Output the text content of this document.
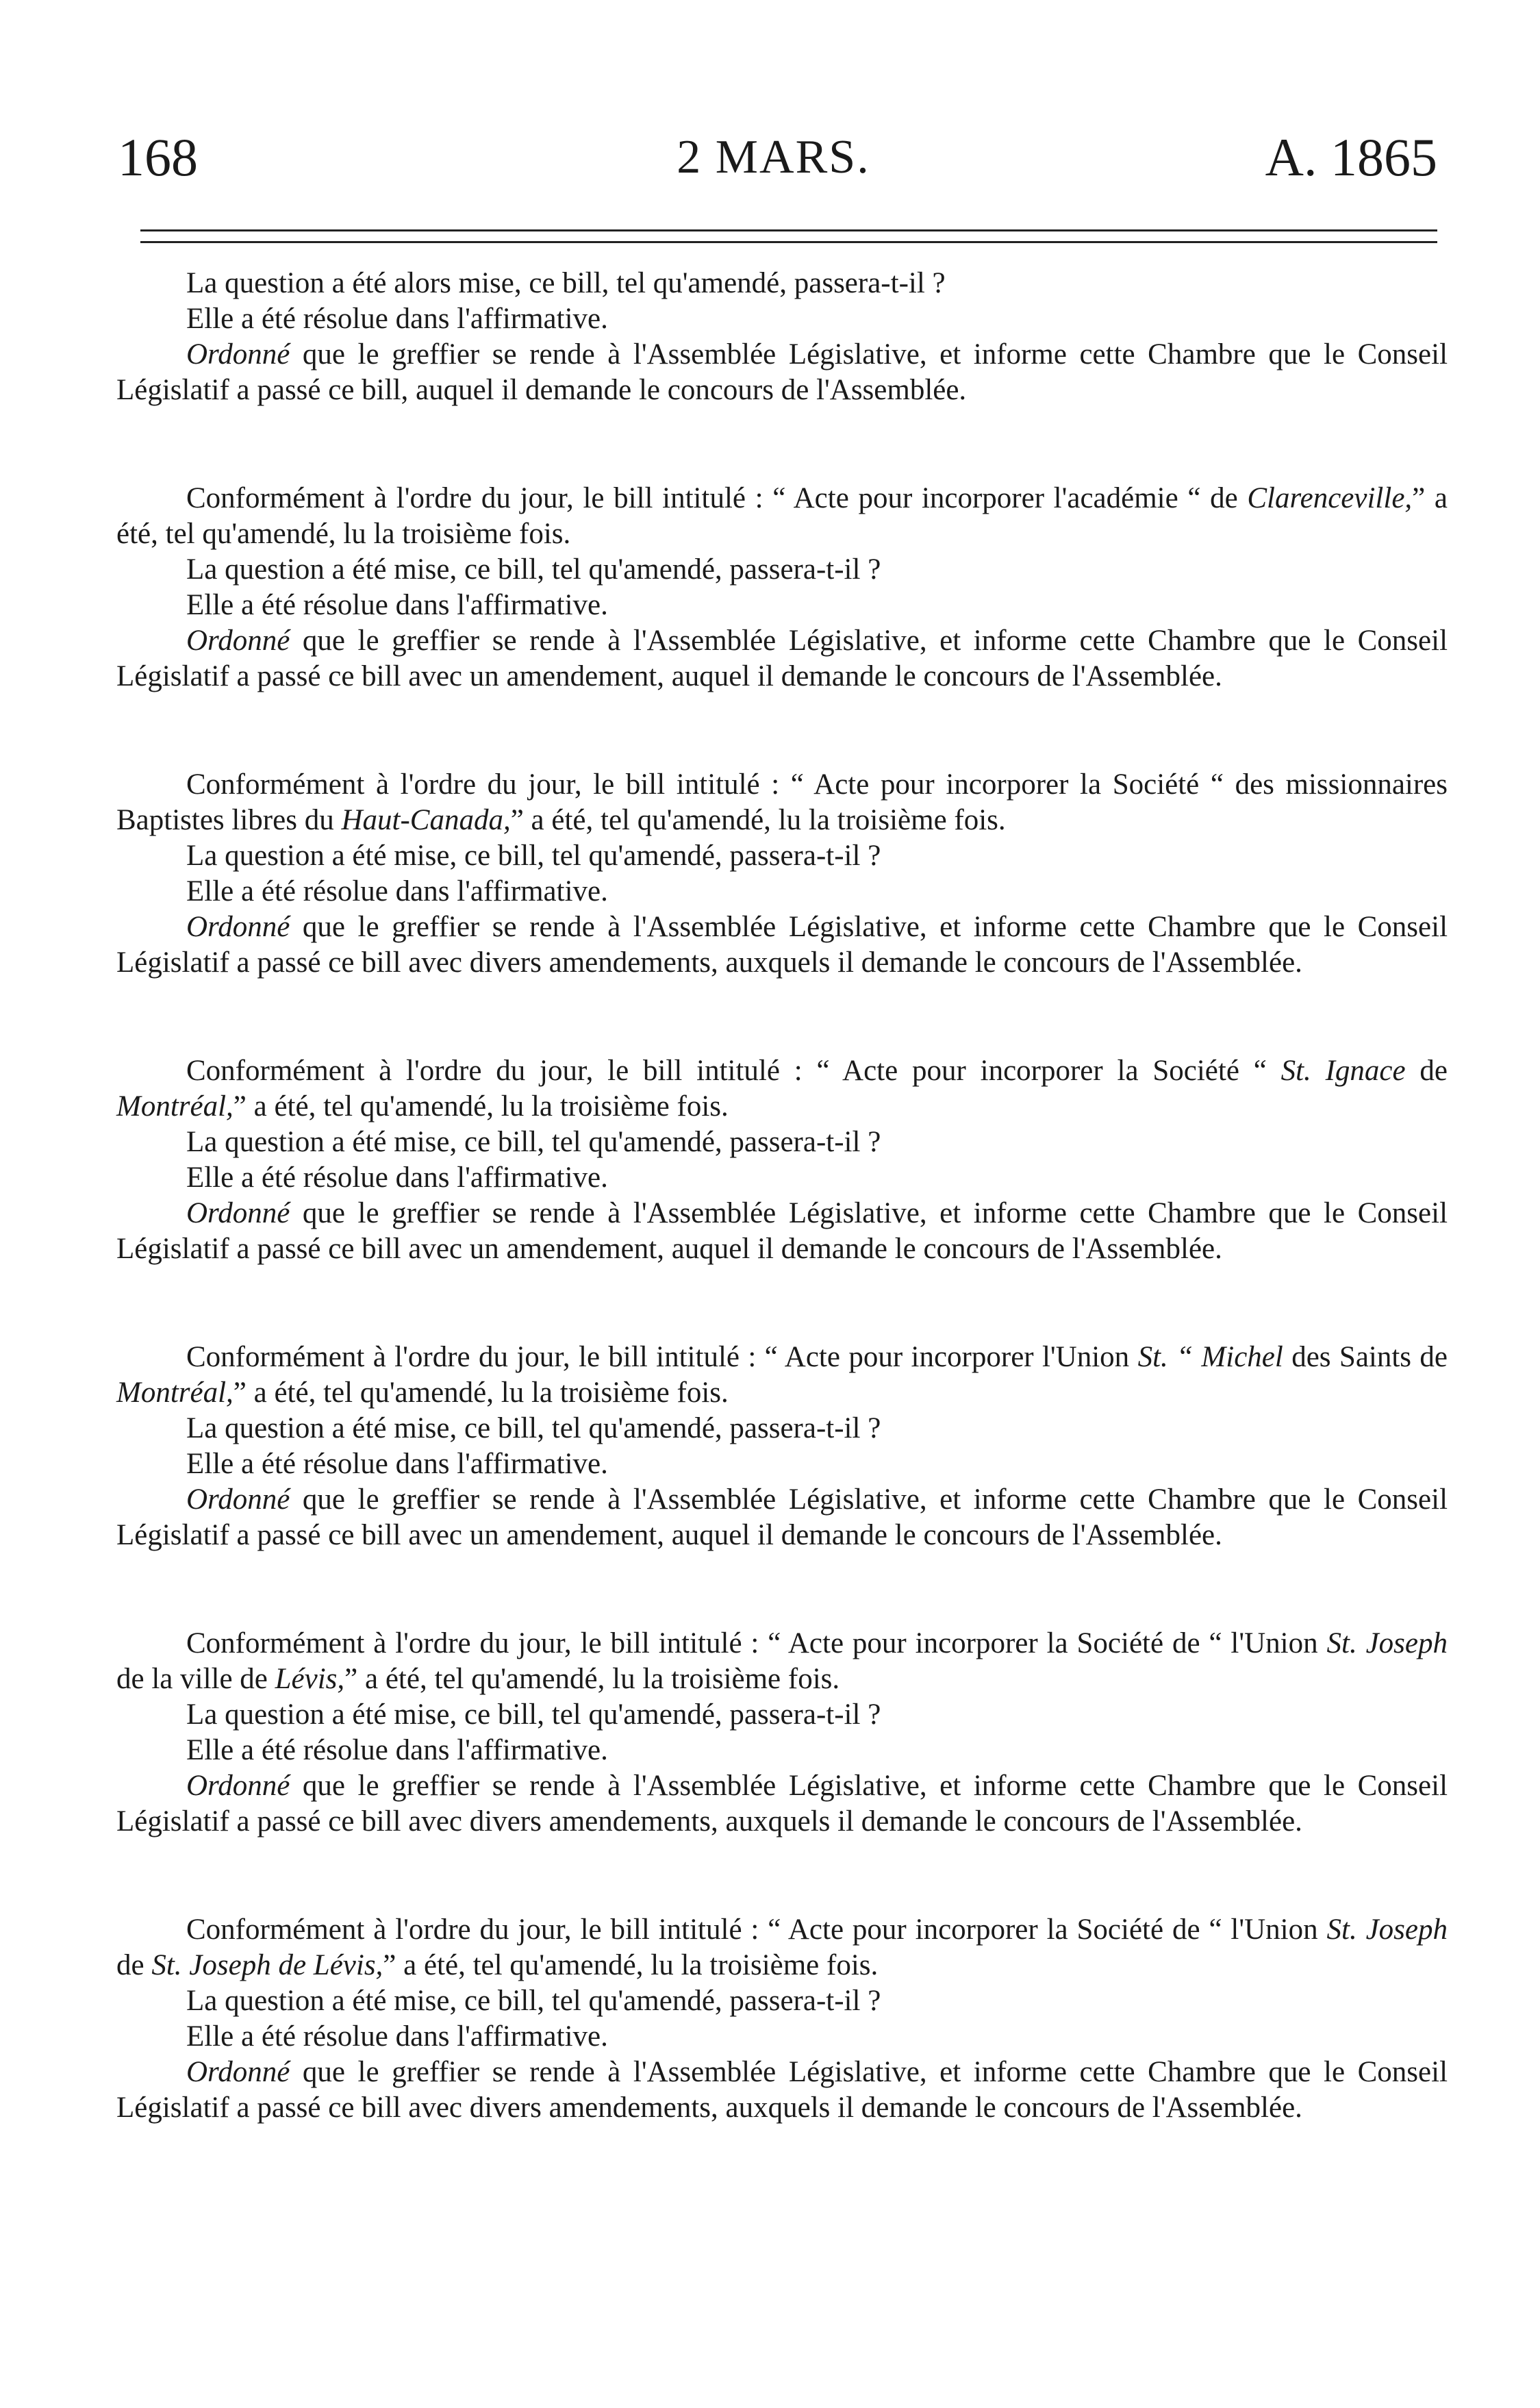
168	2 MARS.	A. 1865

La question a été alors mise, ce bill, tel qu'amendé, passera-t-il ?

Elle a été résolue dans l'affirmative.

Ordonné que le greffier se rende à l'Assemblée Législative, et informe cette Chambre que le Conseil Législatif a passé ce bill, auquel il demande le concours de l'Assemblée.

Conformément à l'ordre du jour, le bill intitulé : “ Acte pour incorporer l'académie “ de Clarenceville,” a été, tel qu'amendé, lu la troisième fois.

La question a été mise, ce bill, tel qu'amendé, passera-t-il ?

Elle a été résolue dans l'affirmative.

Ordonné que le greffier se rende à l'Assemblée Législative, et informe cette Chambre que le Conseil Législatif a passé ce bill avec un amendement, auquel il demande le concours de l'Assemblée.

Conformément à l'ordre du jour, le bill intitulé : “ Acte pour incorporer la Société “ des missionnaires Baptistes libres du Haut-Canada,” a été, tel qu'amendé, lu la troisième fois.

La question a été mise, ce bill, tel qu'amendé, passera-t-il ?

Elle a été résolue dans l'affirmative.

Ordonné que le greffier se rende à l'Assemblée Législative, et informe cette Chambre que le Conseil Législatif a passé ce bill avec divers amendements, auxquels il demande le concours de l'Assemblée.

Conformément à l'ordre du jour, le bill intitulé : “ Acte pour incorporer la Société “ St. Ignace de Montréal,” a été, tel qu'amendé, lu la troisième fois.

La question a été mise, ce bill, tel qu'amendé, passera-t-il ?

Elle a été résolue dans l'affirmative.

Ordonné que le greffier se rende à l'Assemblée Législative, et informe cette Chambre que le Conseil Législatif a passé ce bill avec un amendement, auquel il demande le concours de l'Assemblée.

Conformément à l'ordre du jour, le bill intitulé : “ Acte pour incorporer l'Union St. “ Michel des Saints de Montréal,” a été, tel qu'amendé, lu la troisième fois.

La question a été mise, ce bill, tel qu'amendé, passera-t-il ?

Elle a été résolue dans l'affirmative.

Ordonné que le greffier se rende à l'Assemblée Législative, et informe cette Chambre que le Conseil Législatif a passé ce bill avec un amendement, auquel il demande le concours de l'Assemblée.

Conformément à l'ordre du jour, le bill intitulé : “ Acte pour incorporer la Société de “ l'Union St. Joseph de la ville de Lévis,” a été, tel qu'amendé, lu la troisième fois.

La question a été mise, ce bill, tel qu'amendé, passera-t-il ?

Elle a été résolue dans l'affirmative.

Ordonné que le greffier se rende à l'Assemblée Législative, et informe cette Chambre que le Conseil Législatif a passé ce bill avec divers amendements, auxquels il demande le concours de l'Assemblée.

Conformément à l'ordre du jour, le bill intitulé : “ Acte pour incorporer la Société de “ l'Union St. Joseph de St. Joseph de Lévis,” a été, tel qu'amendé, lu la troisième fois.

La question a été mise, ce bill, tel qu'amendé, passera-t-il ?

Elle a été résolue dans l'affirmative.

Ordonné que le greffier se rende à l'Assemblée Législative, et informe cette Chambre que le Conseil Législatif a passé ce bill avec divers amendements, auxquels il demande le concours de l'Assemblée.
